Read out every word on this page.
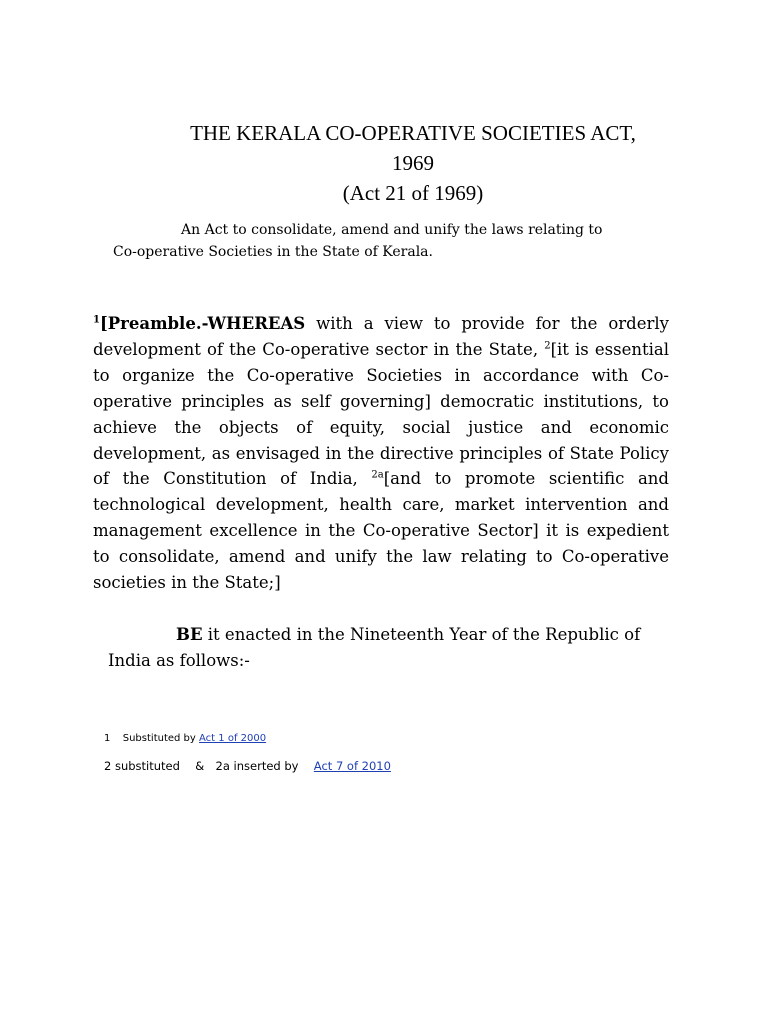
THE KERALA CO-OPERATIVE SOCIETIES ACT,
1969
(Act 21 of 1969)
An Act to consolidate, amend and unify the laws relating to
Co-operative Societies in the State of Kerala.
$^1$[Preamble.-WHEREAS with a view to provide for the orderly development of the Co-operative sector in the State, $^2$[it is essential to organize the Co-operative Societies in accordance with Co-operative principles as self governing] democratic institutions, to achieve the objects of equity, social justice and economic development, as envisaged in the directive principles of State Policy of the Constitution of India, $^{2a}$[and to promote scientific and technological development, health care, market intervention and management excellence in the Co-operative Sector] it is expedient to consolidate, amend and unify the law relating to Co-operative societies in the State;]
BE it enacted in the Nineteenth Year of the Republic of
India as follows:-
1 Substituted by Act 1 of 2000
2 substituted & 2a inserted by Act 7 of 2010
